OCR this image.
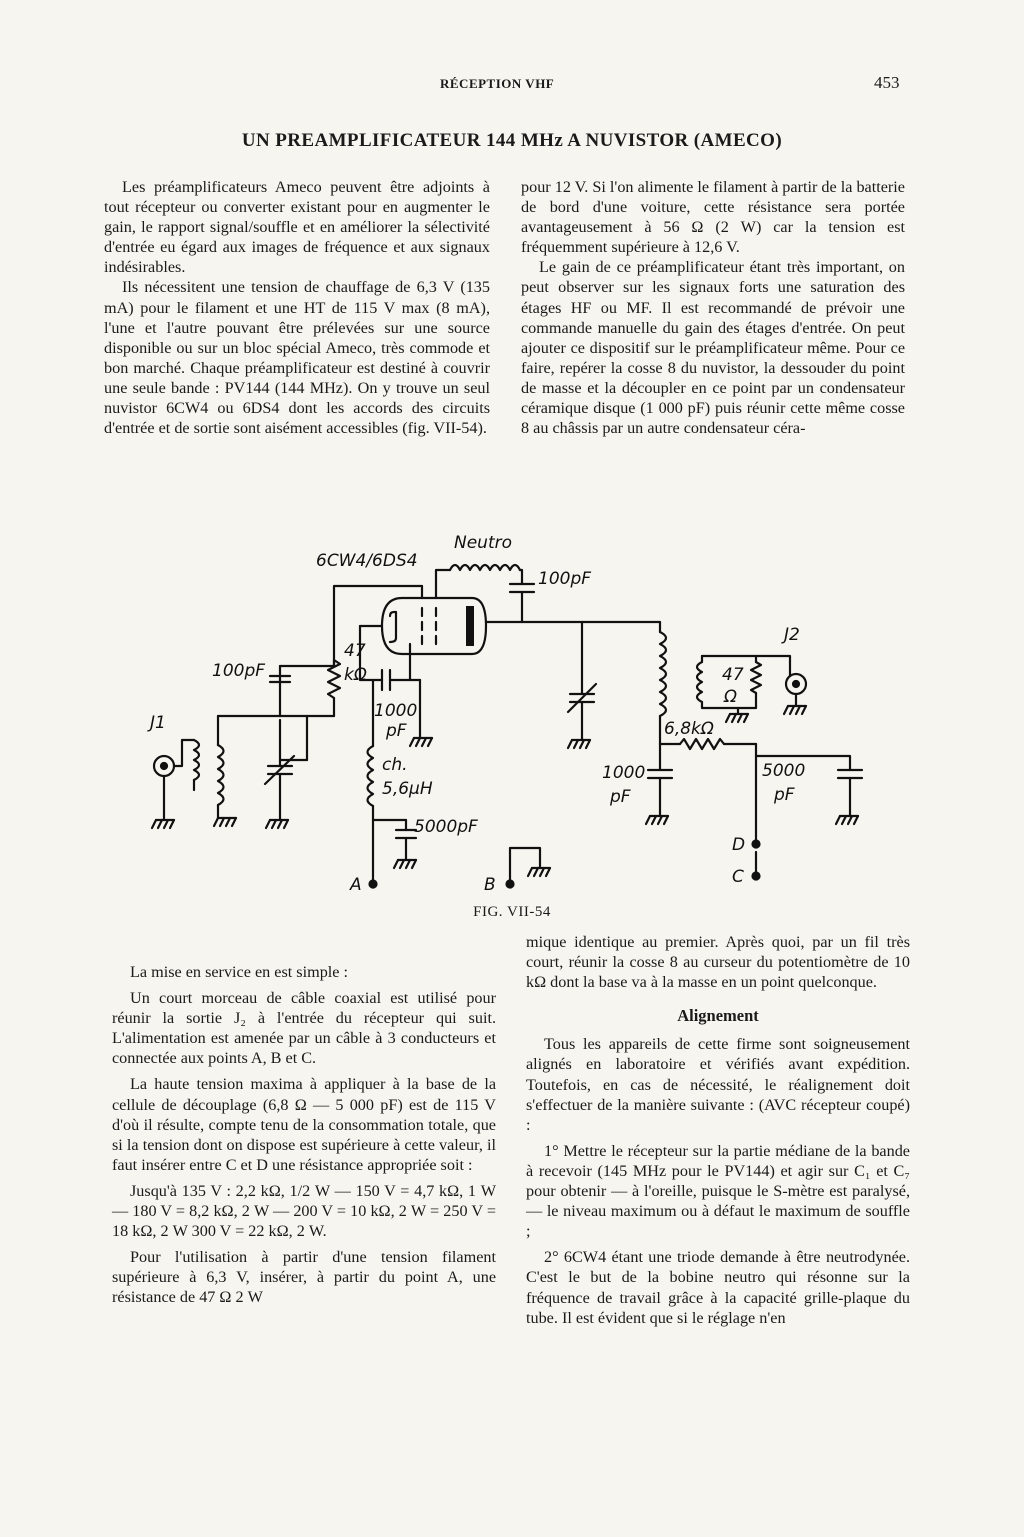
RÉCEPTION VHF	453
UN PREAMPLIFICATEUR 144 MHz A NUVISTOR (AMECO)

Les préamplificateurs Ameco peuvent être adjoints à tout récepteur ou converter existant pour en augmenter le gain, le rapport signal/souffle et en améliorer la sélectivité d'entrée eu égard aux images de fréquence et aux signaux indésirables.

Ils nécessitent une tension de chauffage de 6,3 V (135 mA) pour le filament et une HT de 115 V max (8 mA), l'une et l'autre pouvant être prélevées sur une source disponible ou sur un bloc spécial Ameco, très commode et bon marché. Chaque préamplificateur est destiné à couvrir une seule bande : PV144 (144 MHz). On y trouve un seul nuvistor 6CW4 ou 6DS4 dont les accords des circuits d'entrée et de sortie sont aisément accessibles (fig. VII-54).

pour 12 V. Si l'on alimente le filament à partir de la batterie de bord d'une voiture, cette résistance sera portée avantageusement à 56 Ω (2 W) car la tension est fréquemment supérieure à 12,6 V.

Le gain de ce préamplificateur étant très important, on peut observer sur les signaux forts une saturation des étages HF ou MF. Il est recommandé de prévoir une commande manuelle du gain des étages d'entrée. On peut ajouter ce dispositif sur le préamplificateur même. Pour ce faire, repérer la cosse 8 du nuvistor, la dessouder du point de masse et la découpler en ce point par un condensateur céramique disque (1 000 pF) puis réunir cette même cosse 8 au châssis par un autre condensateur céra-

6CW4/6DS4
Neutro
100pF
100pF
47
kΩ
1000
pF
ch.
5,6μH
5000pF
J1
J2
47
Ω
6,8kΩ
1000
pF
5000
pF
A	B
D
C
FIG. VII-54

La mise en service en est simple :

Un court morceau de câble coaxial est utilisé pour réunir la sortie J₂ à l'entrée du récepteur qui suit. L'alimentation est amenée par un câble à 3 conducteurs et connectée aux points A, B et C.

La haute tension maxima à appliquer à la base de la cellule de découplage (6,8 Ω — 5 000 pF) est de 115 V d'où il résulte, compte tenu de la consommation totale, que si la tension dont on dispose est supérieure à cette valeur, il faut insérer entre C et D une résistance appropriée soit :

Jusqu'à 135 V : 2,2 kΩ, 1/2 W — 150 V = 4,7 kΩ, 1 W — 180 V = 8,2 kΩ, 2 W — 200 V = 10 kΩ, 2 W = 250 V = 18 kΩ, 2 W 300 V = 22 kΩ, 2 W.

Pour l'utilisation à partir d'une tension filament supérieure à 6,3 V, insérer, à partir du point A, une résistance de 47 Ω 2 W

mique identique au premier. Après quoi, par un fil très court, réunir la cosse 8 au curseur du potentiomètre de 10 kΩ dont la base va à la masse en un point quelconque.

Alignement

Tous les appareils de cette firme sont soigneusement alignés en laboratoire et vérifiés avant expédition. Toutefois, en cas de nécessité, le réalignement doit s'effectuer de la manière suivante : (AVC récepteur coupé) :

1° Mettre le récepteur sur la partie médiane de la bande à recevoir (145 MHz pour le PV144) et agir sur C₁ et C₇ pour obtenir — à l'oreille, puisque le S-mètre est paralysé, — le niveau maximum ou à défaut le maximum de souffle ;

2° 6CW4 étant une triode demande à être neutrodynée. C'est le but de la bobine neutro qui résonne sur la fréquence de travail grâce à la capacité grille-plaque du tube. Il est évident que si le réglage n'en
